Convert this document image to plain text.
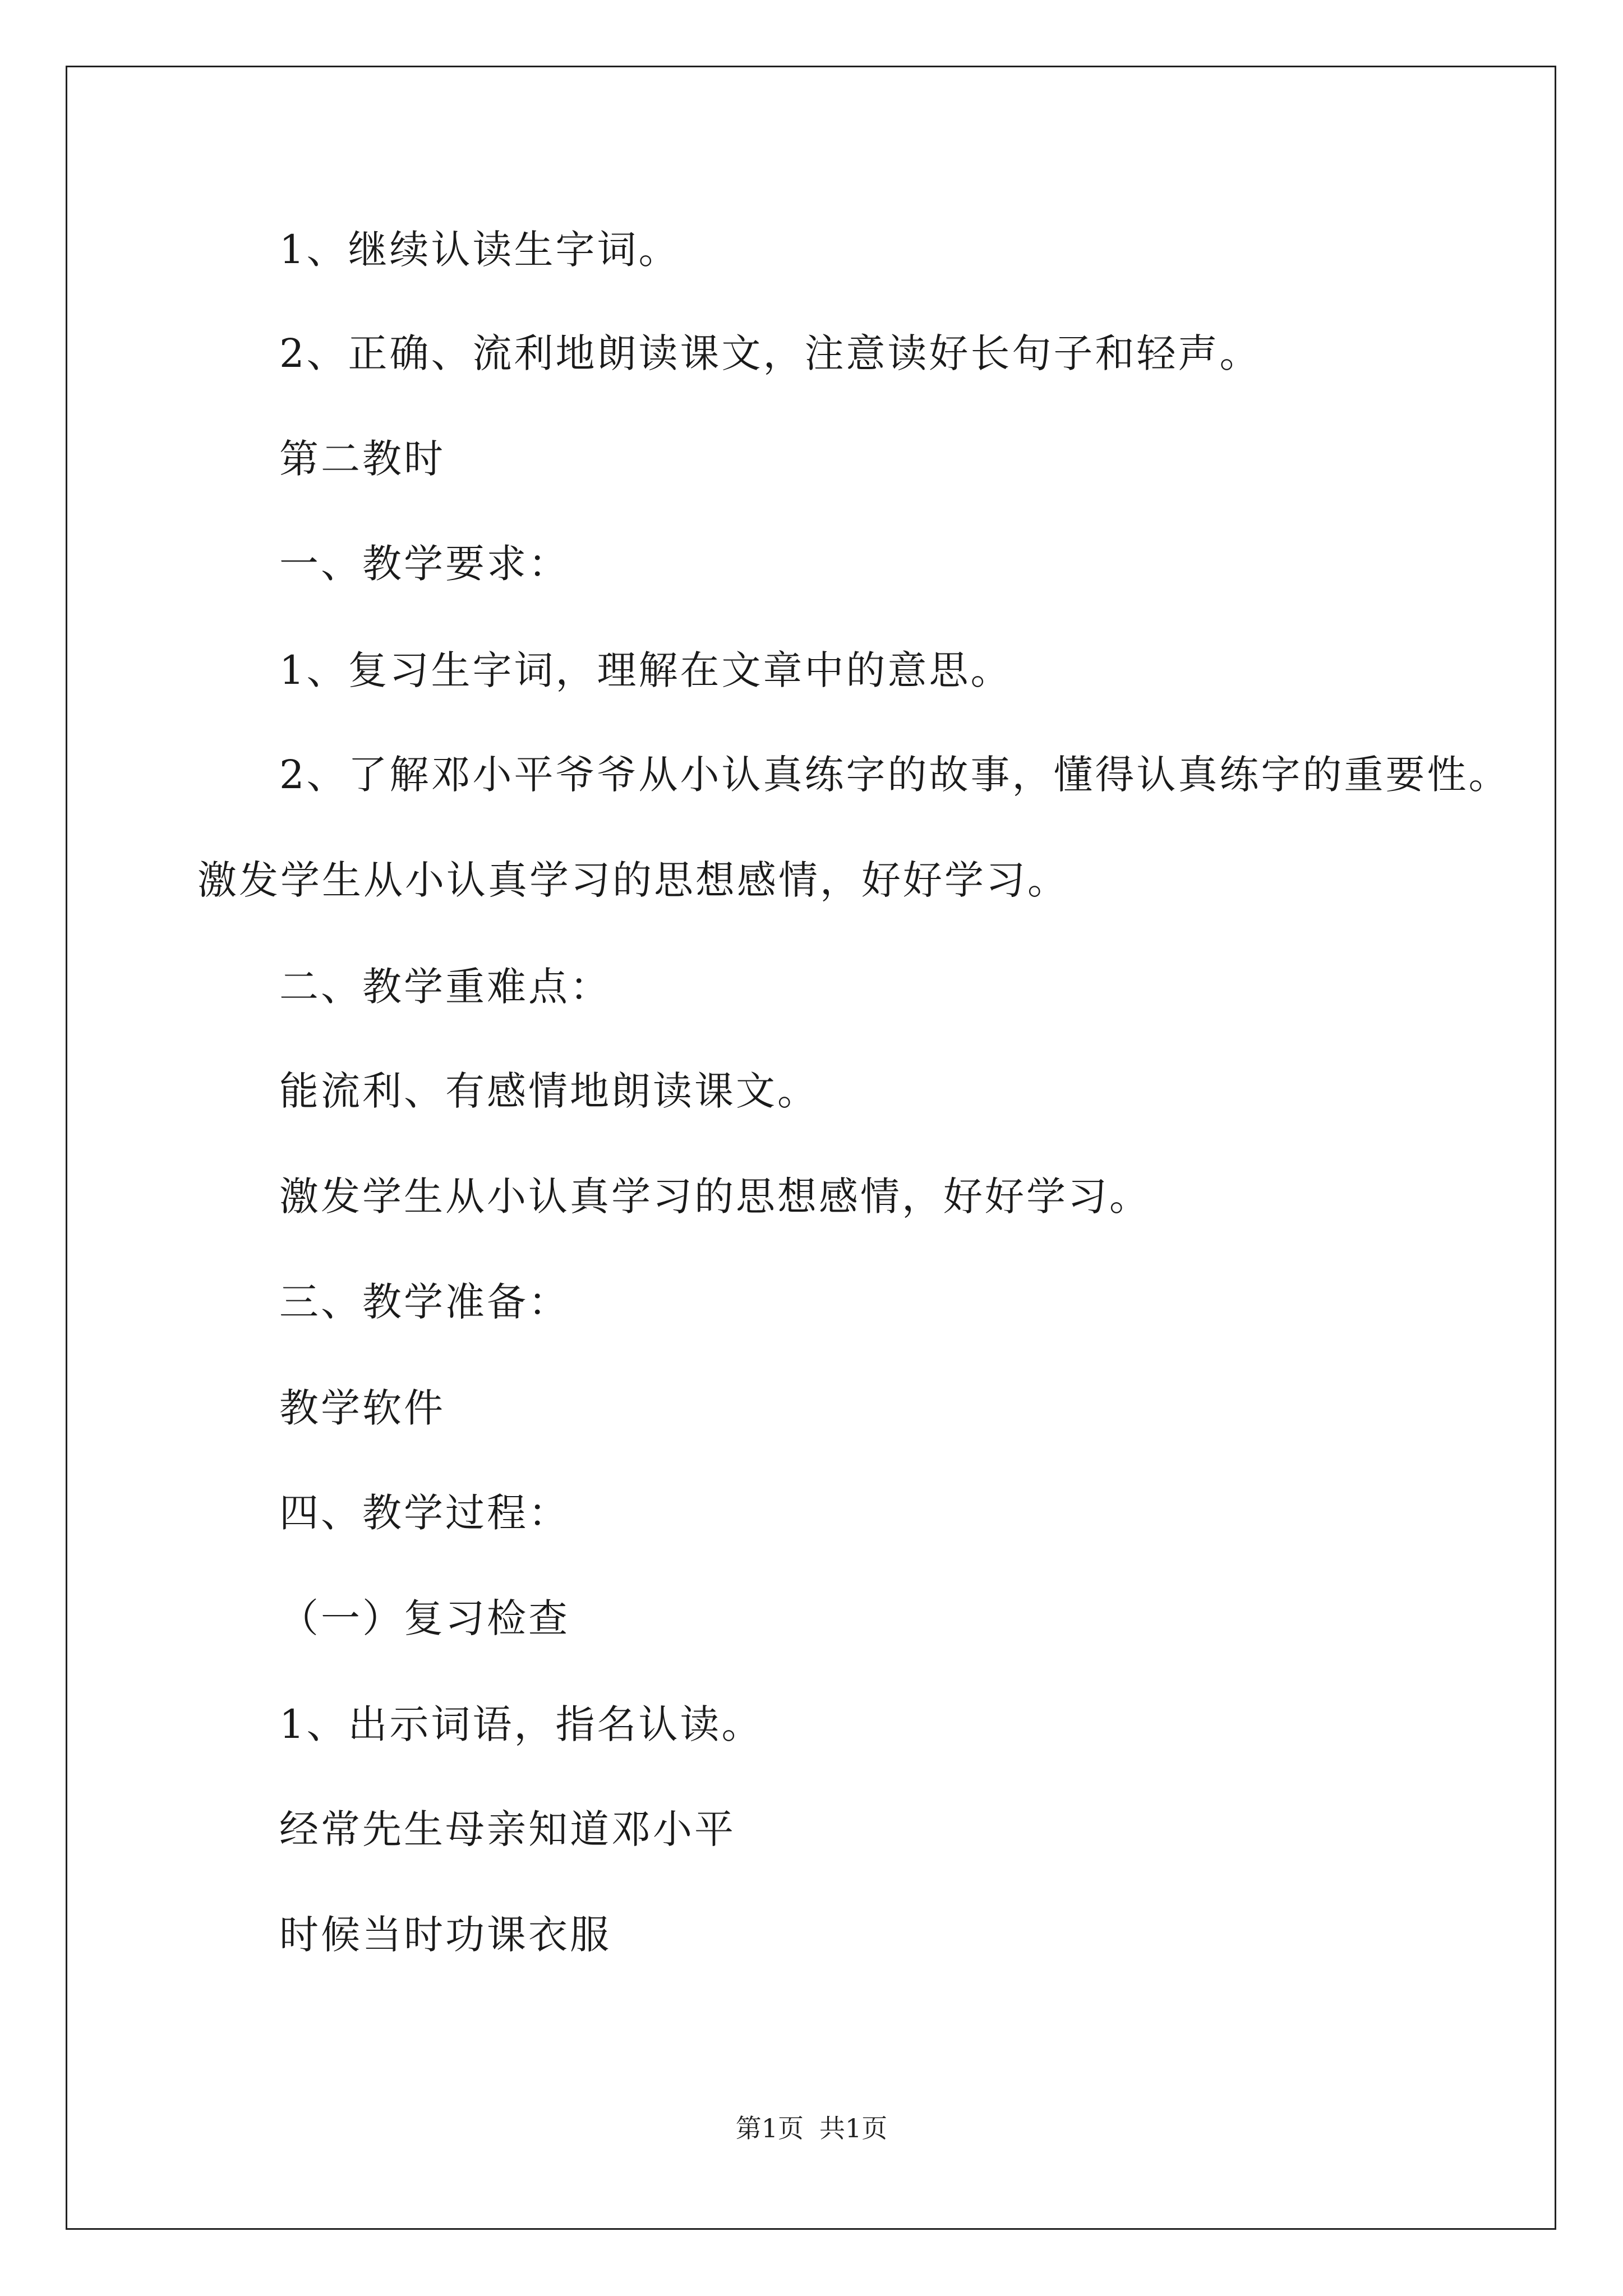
1、继续认读生字词。

2、正确、流利地朗读课文，注意读好长句子和轻声。

第二教时

一、教学要求：

1、复习生字词，理解在文章中的意思。

2、了解邓小平爷爷从小认真练字的故事，懂得认真练字的重要性。

激发学生从小认真学习的思想感情，好好学习。

二、教学重难点：

能流利、有感情地朗读课文。

激发学生从小认真学习的思想感情，好好学习。

三、教学准备：

教学软件

四、教学过程：

（一）复习检查

1、出示词语，指名认读。

经常先生母亲知道邓小平

时候当时功课衣服

第1页 共1页
